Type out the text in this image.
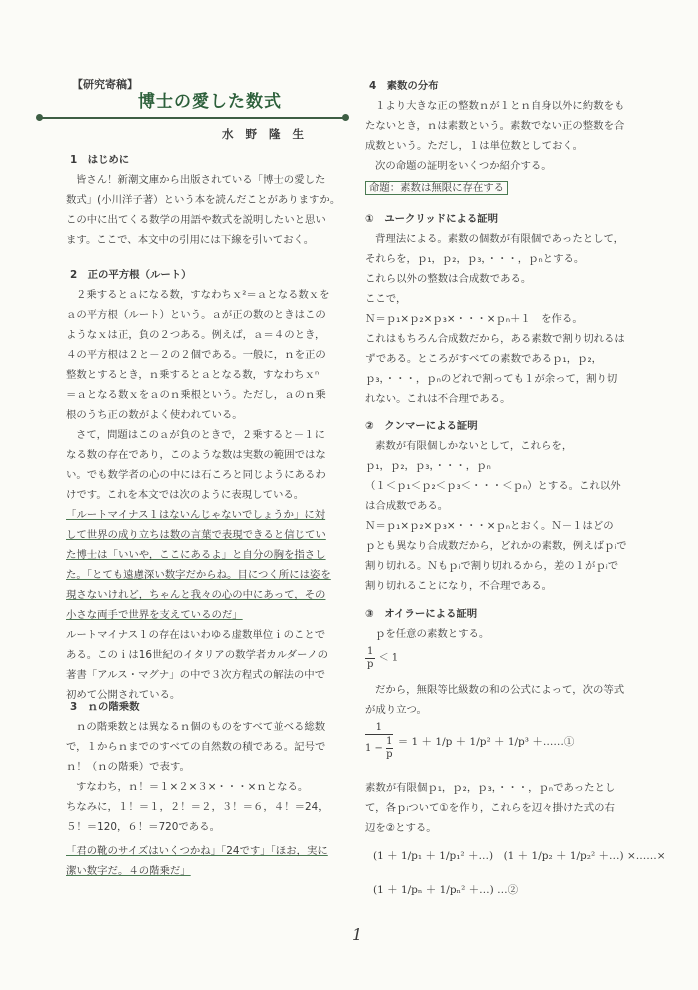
【研究寄稿】
博士の愛した数式
水 野 隆 生
1　はじめに

皆さん！新潮文庫から出版されている「博士の愛した

数式」(小川洋子著）という本を読んだことがありますか。

この中に出てくる数学の用語や数式を説明したいと思い

ます。ここで、本文中の引用には下線を引いておく。

2　正の平方根（ルート）

２乗するとａになる数，すなわちｘ²＝ａとなる数ｘを

ａの平方根（ルート）という。ａが正の数のときはこの

ようなｘは正，負の２つある。例えば，ａ＝４のとき，

４の平方根は２と－２の２個である。一般に，ｎを正の

整数とするとき，ｎ乗するとａとなる数，すなわちｘⁿ

＝ａとなる数ｘをａのｎ乗根という。ただし，ａのｎ乗

根のうち正の数がよく使われている。

さて，問題はこのａが負のときで，２乗すると－１に

なる数の存在であり，このような数は実数の範囲ではな

い。でも数学者の心の中には石ころと同じようにあるわ

けです。これを本文では次のように表現している。

「ルートマイナス１はないんじゃないでしょうか」に対

して世界の成り立ちは数の言葉で表現できると信じてい

た博士は「いいや，ここにあるよ」と自分の胸を指さし

た。｢とても遠慮深い数字だからね。目につく所には姿を

現さないけれど，ちゃんと我々の心の中にあって，その

小さな両手で世界を支えているのだ」

ルートマイナス１の存在はいわゆる虚数単位ｉのことで

ある。このｉは16世紀のイタリアの数学者カルダーノの

著書「アルス・マグナ」の中で３次方程式の解法の中で

初めて公開されている。

3　ｎの階乗数

ｎの階乗数とは異なるｎ個のものをすべて並べる総数

で，１からｎまでのすべての自然数の積である。記号で

ｎ！（ｎの階乗）で表す。

すなわち，ｎ！＝１×２×３×・・・×ｎとなる。

ちなみに，１！＝１，２！＝２，３！＝６，４！＝24，

５！＝120，６！＝720である。

「君の靴のサイズはいくつかね」｢24です｣「ほお，実に

潔い数字だ。４の階乗だ」

4　素数の分布

１より大きな正の整数ｎが１とｎ自身以外に約数をも

たないとき，ｎは素数という。素数でない正の整数を合

成数という。ただし，１は単位数としておく。

次の命題の証明をいくつか紹介する。

命題：素数は無限に存在する

①　ユークリッドによる証明

背理法による。素数の個数が有限個であったとして，

それらを，ｐ₁，ｐ₂，ｐ₃，・・・，ｐₙとする。

これら以外の整数は合成数である。

ここで，

Ｎ＝ｐ₁×ｐ₂×ｐ₃×・・・×ｐₙ＋１　を作る。

これはもちろん合成数だから，ある素数で割り切れるは

ずである。ところがすべての素数であるｐ₁，ｐ₂，

ｐ₃，・・・，ｐₙのどれで割っても１が余って，割り切

れない。これは不合理である。

②　クンマーによる証明

素数が有限個しかないとして，これらを，

ｐ₁，ｐ₂，ｐ₃，・・・，ｐₙ

（１＜ｐ₁＜ｐ₂＜ｐ₃＜・・・＜ｐₙ）とする。これ以外

は合成数である。

Ｎ＝ｐ₁×ｐ₂×ｐ₃×・・・×ｐₙとおく。Ｎ－１はどの

ｐとも異なり合成数だから，どれかの素数，例えばｐᵢで

割り切れる。Ｎもｐᵢで割り切れるから，差の１がｐᵢで

割り切れることになり，不合理である。

③　オイラーによる証明
ｐを任意の素数とする。
$\frac{1}{p} < 1$

だから，無限等比級数の和の公式によって，次の等式

が成り立つ。

$\frac{1}{1 - \frac{1}{p}} = 1 + 1/p + 1/p^2 + 1/p^3$ ＋……①

素数が有限個ｐ₁，ｐ₂，ｐ₃，・・・，ｐₙであったとし

て，各ｐᵢついて①を作り，これらを辺々掛けた式の右

辺を②とする。

(1 ＋ 1/p₁ ＋ 1/p₁² ＋…)　(1 ＋ 1/p₂ ＋ 1/p₂² ＋…) ×……×
(1 ＋ 1/pₙ ＋ 1/pₙ² ＋…) …②
1
